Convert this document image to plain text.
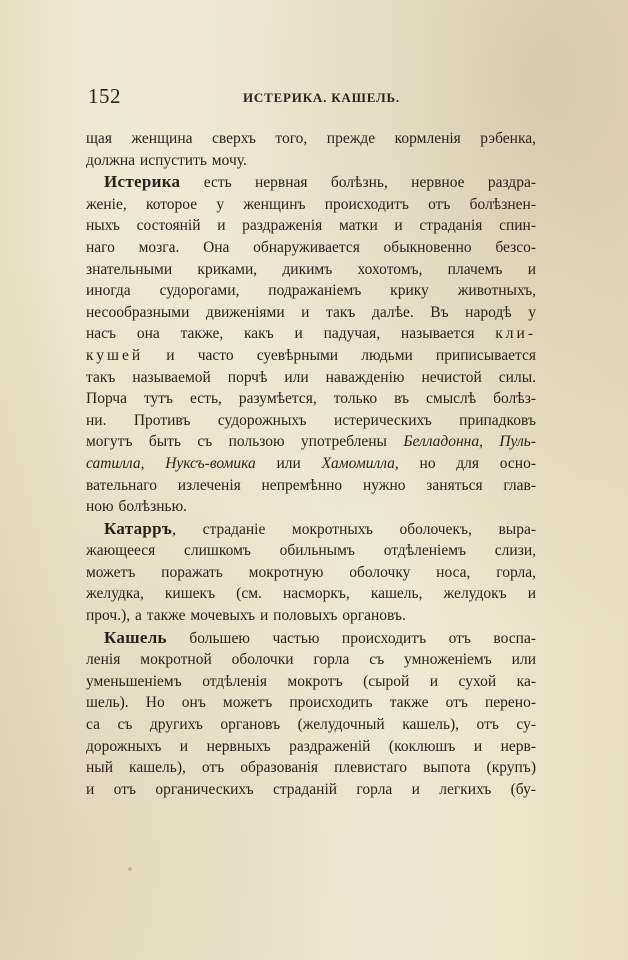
152	ИСТЕРИКА. КАШЕЛЬ.
щая женщина сверхъ того, прежде кормленія рэбенка,
должна испустить мочу.
Истерика есть нервная болѣзнь, нервное раздра-
женіе, которое у женщинъ происходитъ отъ болѣзнен-
ныхъ состояній и раздраженія матки и страданія спин-
наго мозга. Она обнаруживается обыкновенно безсо-
знательными криками, дикимъ хохотомъ, плачемъ и
иногда судорогами, подражаніемъ крику животныхъ,
несообразными движеніями и такъ далѣе. Въ народѣ у
насъ она также, какъ и падучая, называется кли-
кушей и часто суевѣрными людьми приписывается
такъ называемой порчѣ или наважденію нечистой силы.
Порча тутъ есть, разумѣется, только въ смыслѣ болѣз-
ни. Противъ судорожныхъ истерическихъ припадковъ
могутъ быть съ пользою употреблены Белладонна, Пуль-
сатилла, Нуксъ-вомика или Хамомилла, но для осно-
вательнаго излеченія непремѣнно нужно заняться глав-
ною болѣзнью.
Катарръ, страданіе мокротныхъ оболочекъ, выра-
жающееся слишкомъ обильнымъ отдѣленіемъ слизи,
можетъ поражать мокротную оболочку носа, горла,
желудка, кишекъ (см. насморкъ, кашель, желудокъ и
проч.), а также мочевыхъ и половыхъ органовъ.
Кашель большею частью происходитъ отъ воспа-
ленія мокротной оболочки горла съ умноженіемъ или
уменьшеніемъ отдѣленія мокротъ (сырой и сухой ка-
шель). Но онъ можетъ происходить также отъ перено-
са съ другихъ органовъ (желудочный кашель), отъ су-
дорожныхъ и нервныхъ раздраженій (коклюшъ и нерв-
ный кашель), отъ образованія плевистаго выпота (крупъ)
и отъ органическихъ страданій горла и легкихъ (бу-
